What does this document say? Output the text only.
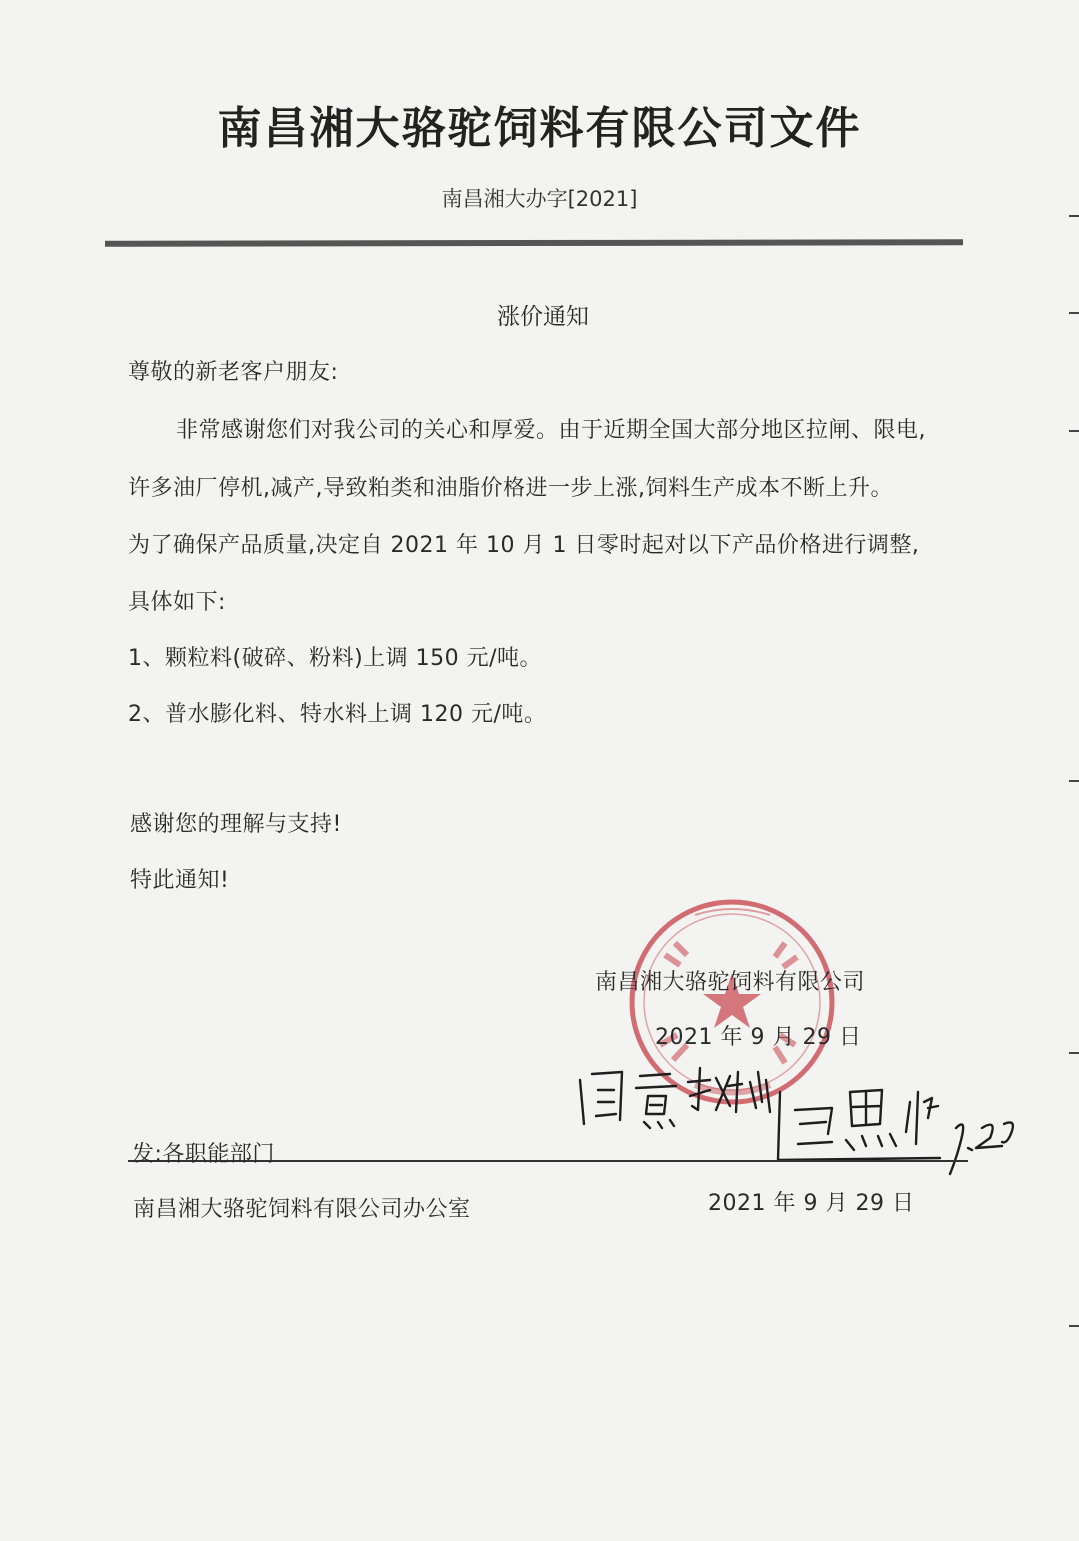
南昌湘大骆驼饲料有限公司文件
南昌湘大办字[2021]
涨价通知
尊敬的新老客户朋友:
非常感谢您们对我公司的关心和厚爱。由于近期全国大部分地区拉闸、限电,
许多油厂停机,减产,导致粕类和油脂价格进一步上涨,饲料生产成本不断上升。
为了确保产品质量,决定自 2021 年 10 月 1 日零时起对以下产品价格进行调整,
具体如下:
1、颗粒料(破碎、粉料)上调 150 元/吨。
2、普水膨化料、特水料上调 120 元/吨。
感谢您的理解与支持!
特此通知!
南昌湘大骆驼饲料有限公司
2021 年 9 月 29 日
发:各职能部门
南昌湘大骆驼饲料有限公司办公室	2021 年 9 月 29 日
